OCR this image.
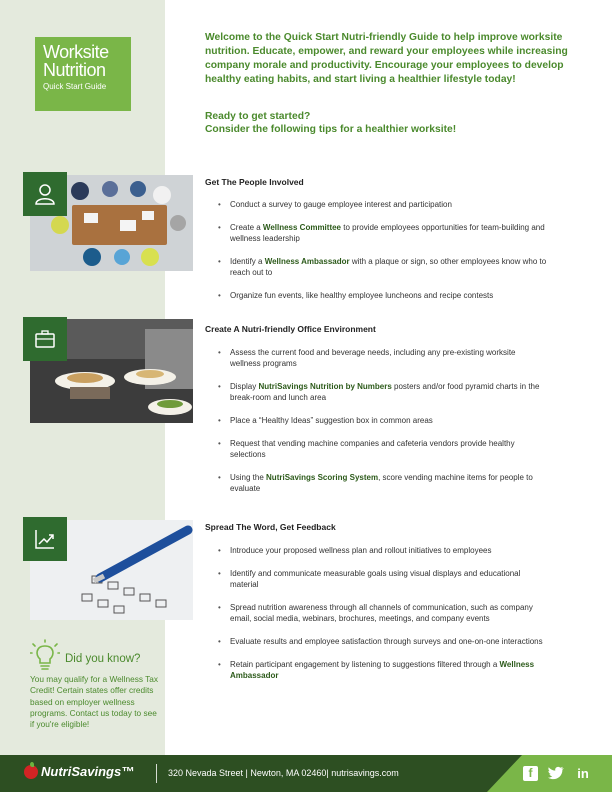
Worksite
Nutrition
Quick Start Guide
Welcome to the Quick Start Nutri-friendly Guide to help improve worksite nutrition. Educate, empower, and reward your employees while increasing company morale and productivity. Encourage your employees to develop healthy eating habits, and start living a healthier lifestyle today!
Ready to get started?
Consider the following tips for a healthier worksite!
Get The People Involved
• Conduct a survey to gauge employee interest and participation
• Create a Wellness Committee to provide employees opportunities for team-building and wellness leadership
• Identify a Wellness Ambassador with a plaque or sign, so other employees know who to reach out to
• Organize fun events, like healthy employee luncheons and recipe contests
Create A Nutri-friendly Office Environment
• Assess the current food and beverage needs, including any pre-existing worksite wellness programs
• Display NutriSavings Nutrition by Numbers posters and/or food pyramid charts in the break-room and lunch area
• Place a “Healthy Ideas” suggestion box in common areas
• Request that vending machine companies and cafeteria vendors provide healthy selections
• Using the NutriSavings Scoring System, score vending machine items for people to evaluate
Spread The Word, Get Feedback
• Introduce your proposed wellness plan and rollout initiatives to employees
• Identify and communicate measurable goals using visual displays and educational material
• Spread nutrition awareness through all channels of communication, such as company email, social media, webinars, brochures, meetings, and company events
• Evaluate results and employee satisfaction through surveys and one-on-one interactions
• Retain participant engagement by listening to suggestions filtered through a Wellness Ambassador
Did you know?
You may qualify for a Wellness Tax Credit! Certain states offer credits based on employer wellness programs. Contact us today to see if you're eligible!
NutriSavings™	320 Nevada Street | Newton, MA 02460| nutrisavings.com	f	in
